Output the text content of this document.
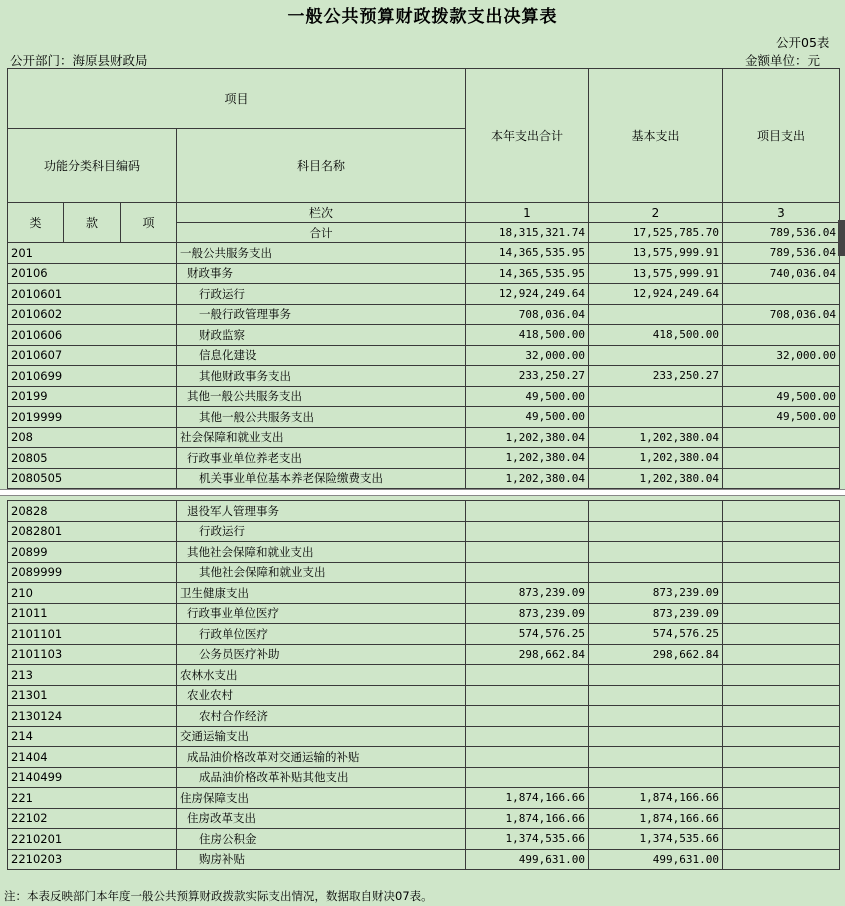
一般公共预算财政拨款支出决算表
公开05表
公开部门：海原县财政局	金额单位：元
项目				本年支出合计	基本支出	项目支出
功能分类科目编码			科目名称			
类	款	项	栏次	1	2	3
			合计	18,315,321.74	17,525,785.70	789,536.04
201			一般公共服务支出	14,365,535.95	13,575,999.91	789,536.04
20106			财政事务	14,365,535.95	13,575,999.91	740,036.04
2010601			行政运行	12,924,249.64	12,924,249.64	
2010602			一般行政管理事务	708,036.04		708,036.04
2010606			财政监察	418,500.00	418,500.00	
2010607			信息化建设	32,000.00		32,000.00
2010699			其他财政事务支出	233,250.27	233,250.27	
20199			其他一般公共服务支出	49,500.00		49,500.00
2019999			其他一般公共服务支出	49,500.00		49,500.00
208			社会保障和就业支出	1,202,380.04	1,202,380.04	
20805			行政事业单位养老支出	1,202,380.04	1,202,380.04	
2080505			机关事业单位基本养老保险缴费支出	1,202,380.04	1,202,380.04	
20828	退役军人管理事务			
2082801	行政运行			
20899	其他社会保障和就业支出			
2089999	其他社会保障和就业支出			
210	卫生健康支出	873,239.09	873,239.09	
21011	行政事业单位医疗	873,239.09	873,239.09	
2101101	行政单位医疗	574,576.25	574,576.25	
2101103	公务员医疗补助	298,662.84	298,662.84	
213	农林水支出			
21301	农业农村			
2130124	农村合作经济			
214	交通运输支出			
21404	成品油价格改革对交通运输的补贴			
2140499	成品油价格改革补贴其他支出			
221	住房保障支出	1,874,166.66	1,874,166.66	
22102	住房改革支出	1,874,166.66	1,874,166.66	
2210201	住房公积金	1,374,535.66	1,374,535.66	
2210203	购房补贴	499,631.00	499,631.00	
注：本表反映部门本年度一般公共预算财政拨款实际支出情况，数据取自财决07表。
